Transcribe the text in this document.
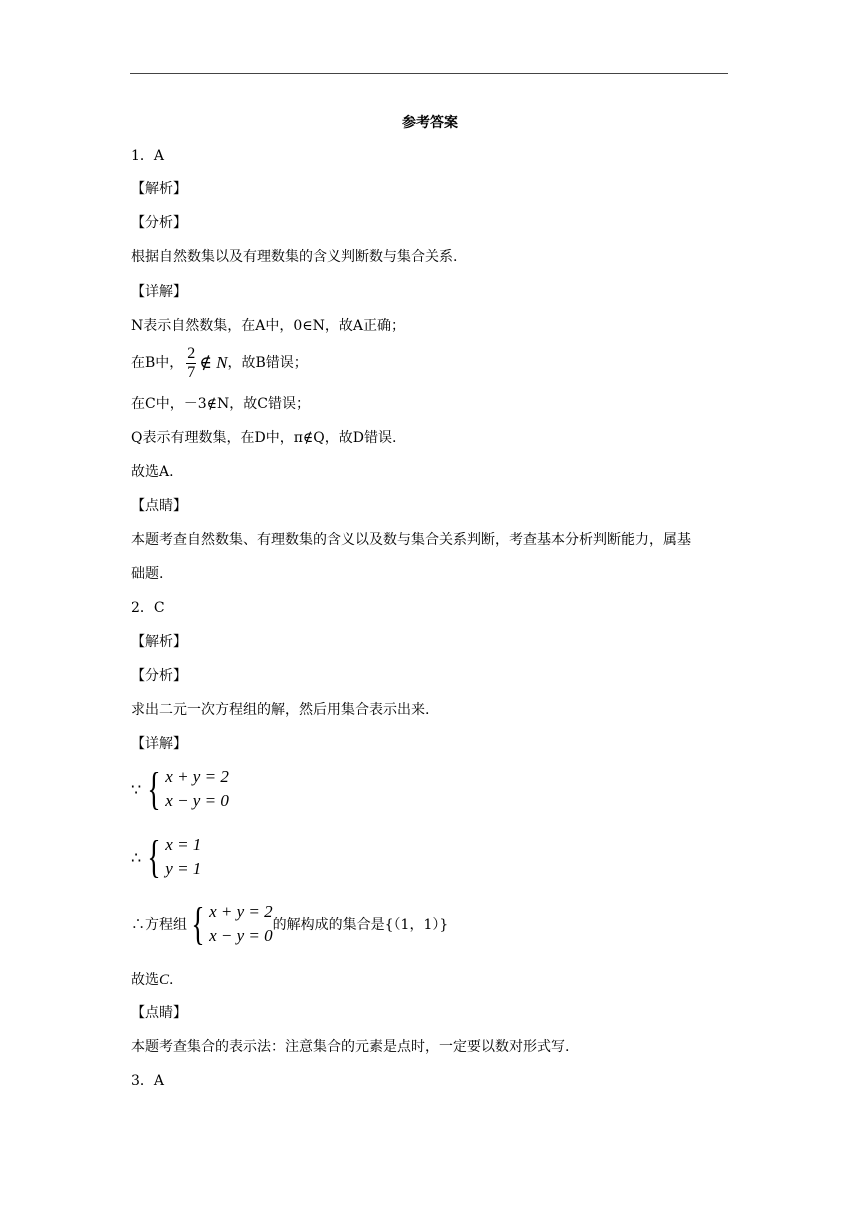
参考答案
1．A
【解析】
【分析】
根据自然数集以及有理数集的含义判断数与集合关系.
【详解】
N表示自然数集，在A中，0∈N，故A正确；
在B中， $\frac{2}{7}$ ∉ N ，故B错误；
在C中，－3∉N，故C错误；
Q表示有理数集，在D中，π∉Q，故D错误.
故选A.
【点睛】
本题考查自然数集、有理数集的含义以及数与集合关系判断，考查基本分析判断能力，属基
础题.
2．C
【解析】
【分析】
求出二元一次方程组的解，然后用集合表示出来.
【详解】
∵ { x + y = 2
x − y = 0
∴ { x = 1
y = 1
∴方程组 { x + y = 2
x − y = 0
的解构成的集合是{（1，1）}
故选C.
【点睛】
本题考查集合的表示法：注意集合的元素是点时，一定要以数对形式写.
3．A
